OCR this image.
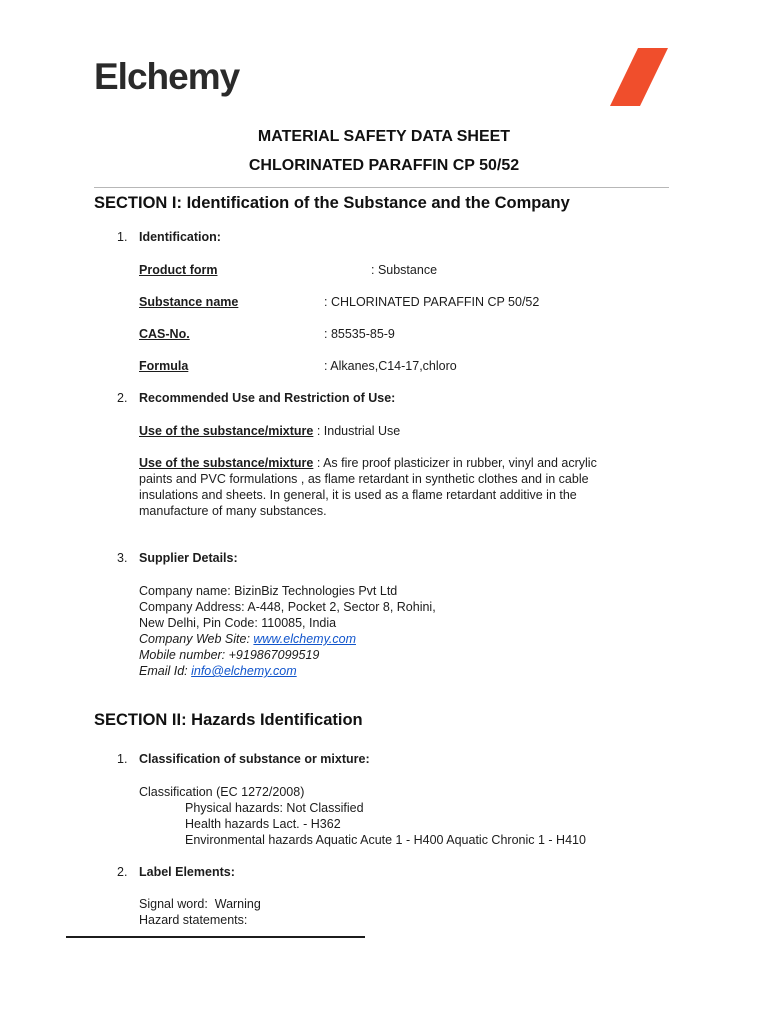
Elchemy
MATERIAL SAFETY DATA SHEET
CHLORINATED PARAFFIN CP 50/52
SECTION I: Identification of the Substance and the Company
1. Identification:
Product form	: Substance
Substance name	: CHLORINATED PARAFFIN CP 50/52
CAS-No.	: 85535-85-9
Formula	: Alkanes,C14-17,chloro
2. Recommended Use and Restriction of Use:
Use of the substance/mixture : Industrial Use
Use of the substance/mixture : As fire proof plasticizer in rubber, vinyl and acrylic
paints and PVC formulations , as flame retardant in synthetic clothes and in cable
insulations and sheets. In general, it is used as a flame retardant additive in the
manufacture of many substances.
3. Supplier Details:
Company name: BizinBiz Technologies Pvt Ltd
Company Address: A-448, Pocket 2, Sector 8, Rohini,
New Delhi, Pin Code: 110085, India
Company Web Site: www.elchemy.com
Mobile number: +919867099519
Email Id: info@elchemy.com
SECTION II: Hazards Identification
1. Classification of substance or mixture:
Classification (EC 1272/2008)
Physical hazards: Not Classified
Health hazards Lact. - H362
Environmental hazards Aquatic Acute 1 - H400 Aquatic Chronic 1 - H410
2. Label Elements:
Signal word:  Warning
Hazard statements:
